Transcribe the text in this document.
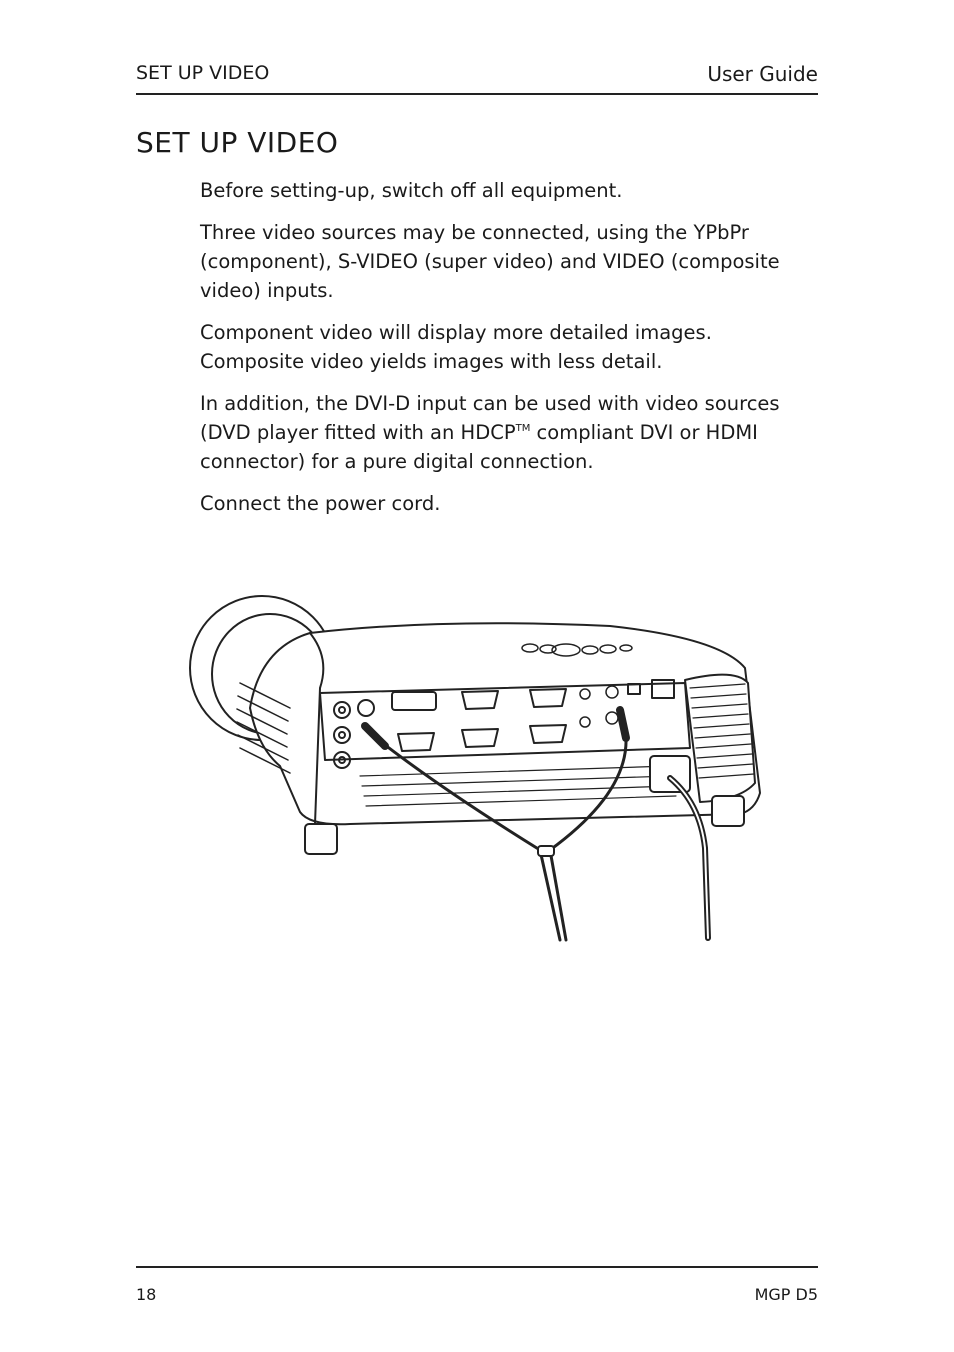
SET UP VIDEO	User Guide
SET UP VIDEO

Before setting-up, switch off all equipment.

Three video sources may be connected, using the YPbPr (component), S-VIDEO (super video) and VIDEO (composite video) inputs.

Component video will display more detailed images. Composite video yields images with less detail.

In addition, the DVI-D input can be used with video sources (DVD player fitted with an HDCP™ compliant DVI or HDMI connector) for a pure digital connection.

Connect the power cord.

18	MGP D5
